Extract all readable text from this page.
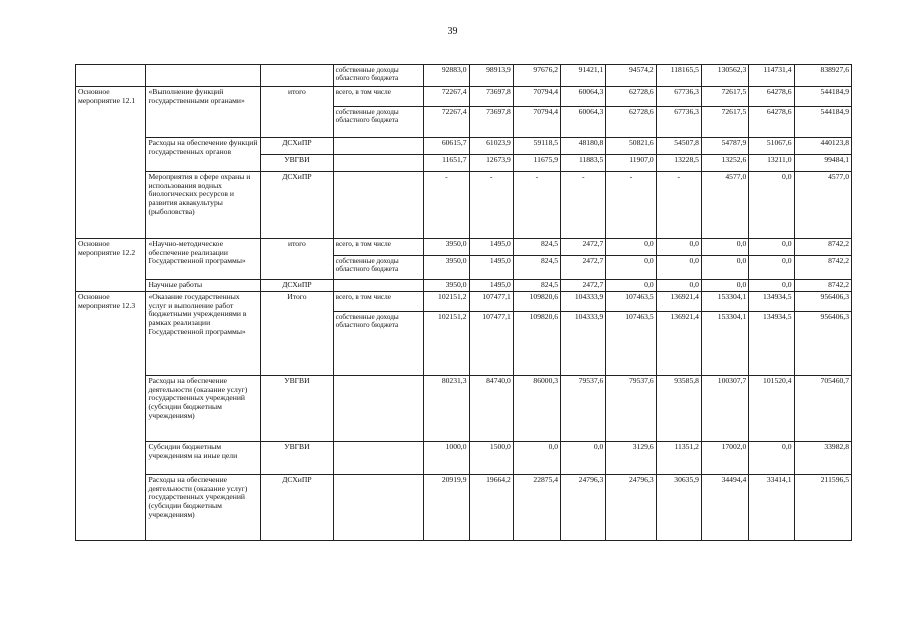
39
			собственные доходы областного бюджета	92883,0	98913,9	97676,2	91421,1	94574,2	118165,5	130562,3	114731,4	838927,6
Основное мероприятие 12.1	«Выполнение функций государственными органами»	итого	всего, в том числе	72267,4	73697,8	70794,4	60064,3	62728,6	67736,3	72617,5	64278,6	544184,9
			собственные доходы областного бюджета	72267,4	73697,8	70794,4	60064,3	62728,6	67736,3	72617,5	64278,6	544184,9
	Расходы на обеспечение функций государственных органов	ДСХиПР		60615,7	61023,9	59118,5	48180,8	50821,6	54507,8	54787,9	51067,6	440123,8
		УВГВИ		11651,7	12673,9	11675,9	11883,5	11907,0	13228,5	13252,6	13211,0	99484,1
	Мероприятия в сфере охраны и использования водных биологических ресурсов и развития аквакультуры (рыболовства)	ДСХиПР		-	-	-	-	-	-	4577,0	0,0	4577,0
Основное мероприятие 12.2	«Научно-методическое обеспечение реализации Государственной программы»	итого	всего, в том числе	3950,0	1495,0	824,5	2472,7	0,0	0,0	0,0	0,0	8742,2
			собственные доходы областного бюджета	3950,0	1495,0	824,5	2472,7	0,0	0,0	0,0	0,0	8742,2
	Научные работы	ДСХиПР		3950,0	1495,0	824,5	2472,7	0,0	0,0	0,0	0,0	8742,2
Основное мероприятие 12.3	«Оказание государственных услуг и выполнение работ бюджетными учреждениями в рамках реализации Государственной программы»	Итого	всего, в том числе	102151,2	107477,1	109820,6	104333,9	107463,5	136921,4	153304,1	134934,5	956406,3
			собственные доходы областного бюджета	102151,2	107477,1	109820,6	104333,9	107463,5	136921,4	153304,1	134934,5	956406,3
	Расходы на обеспечение деятельности (оказание услуг) государственных учреждений (субсидии бюджетным учреждениям)	УВГВИ		80231,3	84740,0	86000,3	79537,6	79537,6	93585,8	100307,7	101520,4	705460,7
	Субсидии бюджетным учреждениям на иные цели	УВГВИ		1000,0	1500,0	0,0	0,0	3129,6	11351,2	17002,0	0,0	33982,8
	Расходы на обеспечение деятельности (оказание услуг) государственных учреждений (субсидии бюджетным учреждениям)	ДСХиПР		20919,9	19664,2	22875,4	24796,3	24796,3	30635,9	34494,4	33414,1	211596,5
